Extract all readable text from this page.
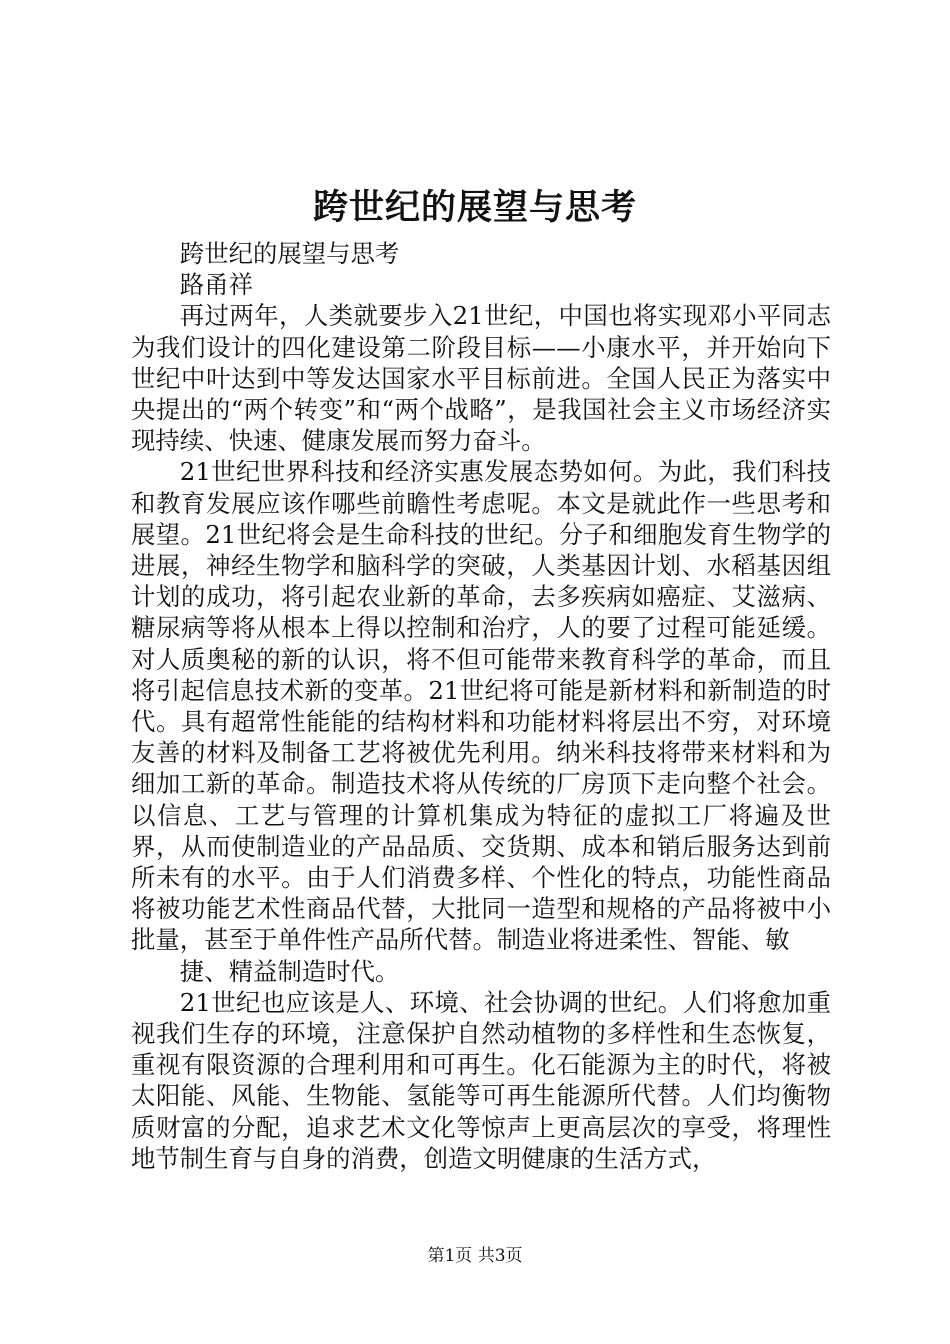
跨世纪的展望与思考

跨世纪的展望与思考

路甬祥

再过两年，人类就要步入21世纪，中国也将实现邓小平同志为我们设计的四化建设第二阶段目标——小康水平，并开始向下世纪中叶达到中等发达国家水平目标前进。全国人民正为落实中央提出的“两个转变”和“两个战略”，是我国社会主义市场经济实现持续、快速、健康发展而努力奋斗。

21世纪世界科技和经济实惠发展态势如何。为此，我们科技和教育发展应该作哪些前瞻性考虑呢。本文是就此作一些思考和展望。21世纪将会是生命科技的世纪。分子和细胞发育生物学的进展，神经生物学和脑科学的突破，人类基因计划、水稻基因组计划的成功，将引起农业新的革命，去多疾病如癌症、艾滋病、糖尿病等将从根本上得以控制和治疗，人的要了过程可能延缓。对人质奥秘的新的认识，将不但可能带来教育科学的革命，而且将引起信息技术新的变革。21世纪将可能是新材料和新制造的时代。具有超常性能能的结构材料和功能材料将层出不穷，对环境友善的材料及制备工艺将被优先利用。纳米科技将带来材料和为细加工新的革命。制造技术将从传统的厂房顶下走向整个社会。以信息、工艺与管理的计算机集成为特征的虚拟工厂将遍及世界，从而使制造业的产品品质、交货期、成本和销后服务达到前所未有的水平。由于人们消费多样、个性化的特点，功能性商品将被功能艺术性商品代替，大批同一造型和规格的产品将被中小批量，甚至于单件性产品所代替。制造业将进柔性、智能、敏

捷、精益制造时代。

21世纪也应该是人、环境、社会协调的世纪。人们将愈加重视我们生存的环境，注意保护自然动植物的多样性和生态恢复，重视有限资源的合理利用和可再生。化石能源为主的时代，将被太阳能、风能、生物能、氢能等可再生能源所代替。人们均衡物质财富的分配，追求艺术文化等惊声上更高层次的享受，将理性地节制生育与自身的消费，创造文明健康的生活方式，

第1页 共3页
